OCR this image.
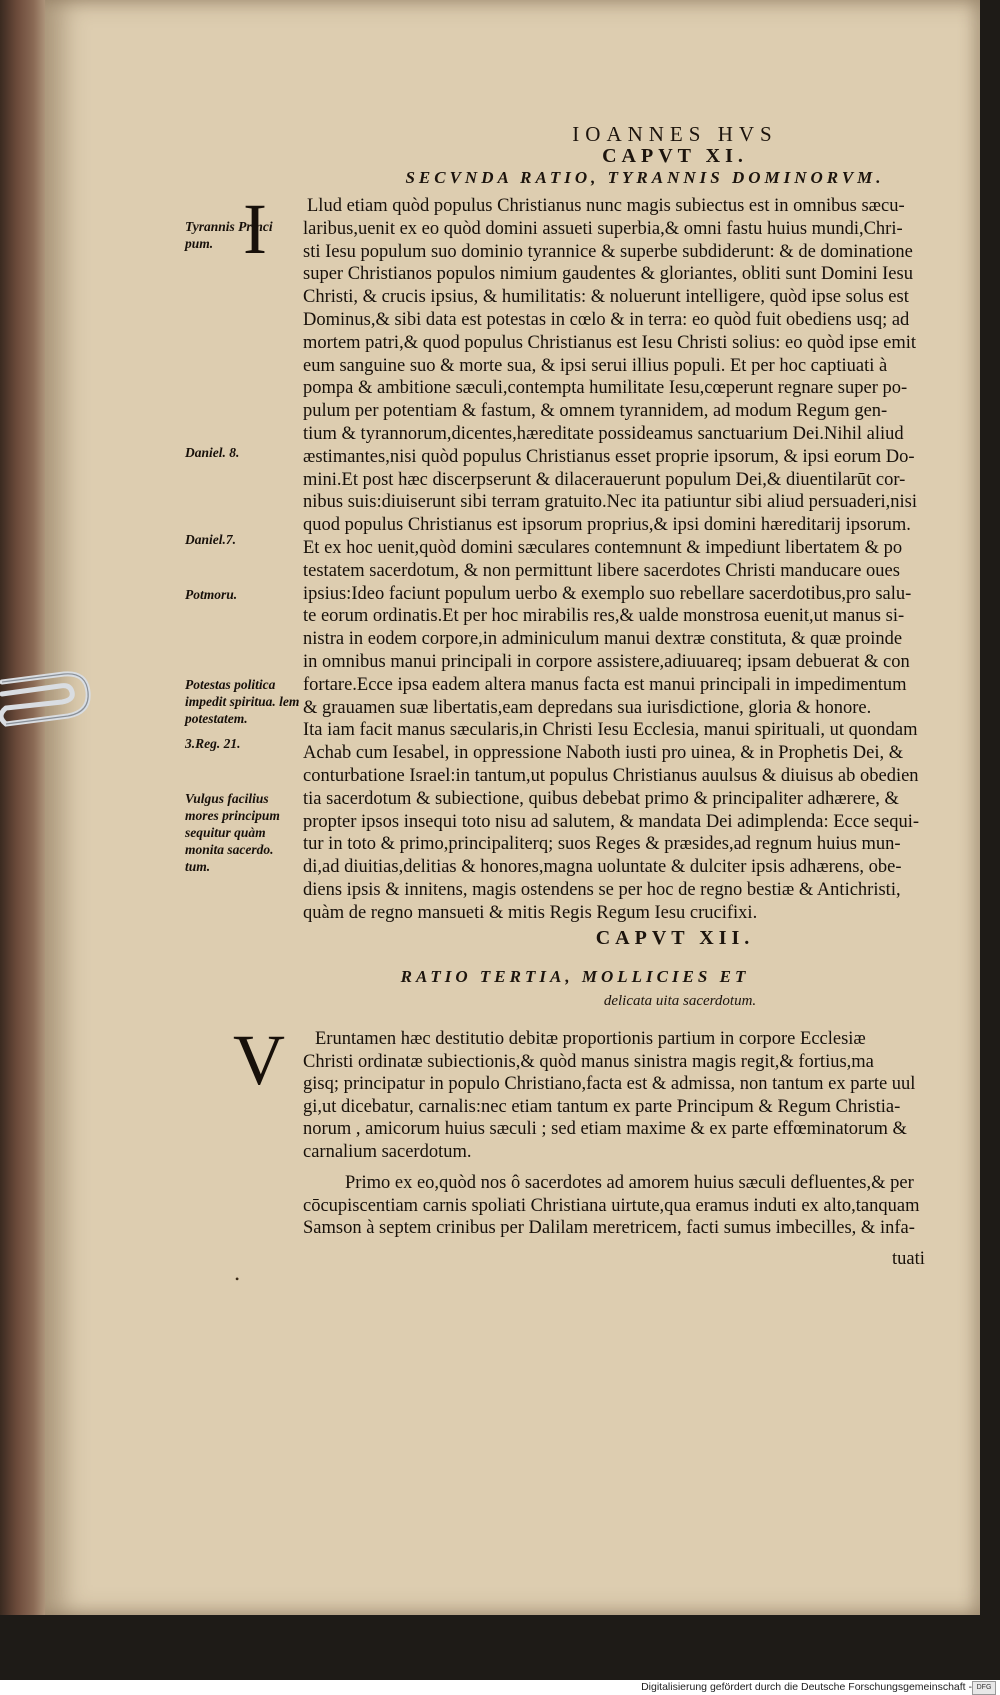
IOANNES HVS
CAPVT XI.
SECVNDA RATIO, TYRANNIS DOMINORVM.
I Llud etiam quòd populus Christianus nunc magis subiectus est in omnibus sæcu-
laribus,uenit ex eo quòd domini assueti superbia,& omni fastu huius mundi,Chri-
sti Iesu populum suo dominio tyrannice & superbe subdiderunt: & de dominatione
super Christianos populos nimium gaudentes & gloriantes, obliti sunt Domini Iesu
Christi, & crucis ipsius, & humilitatis: & noluerunt intelligere, quòd ipse solus est
Dominus,& sibi data est potestas in cœlo & in terra: eo quòd fuit obediens usq; ad
mortem patri,& quod populus Christianus est Iesu Christi solius: eo quòd ipse emit
eum sanguine suo & morte sua, & ipsi serui illius populi. Et per hoc captiuati à
pompa & ambitione sæculi,contempta humilitate Iesu,cœperunt regnare super po-
pulum per potentiam & fastum, & omnem tyrannidem, ad modum Regum gen-
tium & tyrannorum,dicentes,hæreditate possideamus sanctuarium Dei.Nihil aliud
æstimantes,nisi quòd populus Christianus esset proprie ipsorum, & ipsi eorum Do-
mini.Et post hæc discerpserunt & dilacerauerunt populum Dei,& diuentilarūt cor-
nibus suis:diuiserunt sibi terram gratuito.Nec ita patiuntur sibi aliud persuaderi,nisi
quod populus Christianus est ipsorum proprius,& ipsi domini hæreditarij ipsorum.
Et ex hoc uenit,quòd domini sæculares contemnunt & impediunt libertatem & po
testatem sacerdotum, & non permittunt libere sacerdotes Christi manducare oues
ipsius:Ideo faciunt populum uerbo & exemplo suo rebellare sacerdotibus,pro salu-
te eorum ordinatis.Et per hoc mirabilis res,& ualde monstrosa euenit,ut manus si-
nistra in eodem corpore,in adminiculum manui dextræ constituta, & quæ proinde
in omnibus manui principali in corpore assistere,adiuuareq; ipsam debuerat & con
fortare.Ecce ipsa eadem altera manus facta est manui principali in impedimentum
& grauamen suæ libertatis,eam depredans sua iurisdictione, gloria & honore.
Ita iam facit manus sæcularis,in Christi Iesu Ecclesia, manui spirituali, ut quondam
Achab cum Iesabel, in oppressione Naboth iusti pro uinea, & in Prophetis Dei, &
conturbatione Israel:in tantum,ut populus Christianus auulsus & diuisus ab obedien
tia sacerdotum & subiectione, quibus debebat primo & principaliter adhærere, &
propter ipsos insequi toto nisu ad salutem, & mandata Dei adimplenda: Ecce sequi-
tur in toto & primo,principaliterq; suos Reges & præsides,ad regnum huius mun-
di,ad diuitias,delitias & honores,magna uoluntate & dulciter ipsis adhærens, obe-
diens ipsis & innitens, magis ostendens se per hoc de regno bestiæ & Antichristi,
quàm de regno mansueti & mitis Regis Regum Iesu crucifixi.
Tyrannis Princi pum.
Daniel. 8.
Daniel.7.
Potmoru.
Potestas politica impedit spiritua. lem potestatem.
3.Reg. 21.
Vulgus facilius mores principum sequitur quàm monita sacerdo. tum.
CAPVT XII.
RATIO TERTIA, MOLLICIES ET
delicata uita sacerdotum.
V Eruntamen hæc destitutio debitæ proportionis partium in corpore Ecclesiæ
Christi ordinatæ subiectionis,& quòd manus sinistra magis regit,& fortius,ma
gisq; principatur in populo Christiano,facta est & admissa, non tantum ex parte uul
gi,ut dicebatur, carnalis:nec etiam tantum ex parte Principum & Regum Christia-
norum , amicorum huius sæculi ; sed etiam maxime & ex parte effœminatorum &
carnalium sacerdotum.
Primo ex eo,quòd nos ô sacerdotes ad amorem huius sæculi defluentes,& per
cōcupiscentiam carnis spoliati Christiana uirtute,qua eramus induti ex alto,tanquam
Samson à septem crinibus per Dalilam meretricem, facti sumus imbecilles, & infa-
tuati
•
Digitalisierung gefördert durch die Deutsche Forschungsgemeinschaft - DFG
